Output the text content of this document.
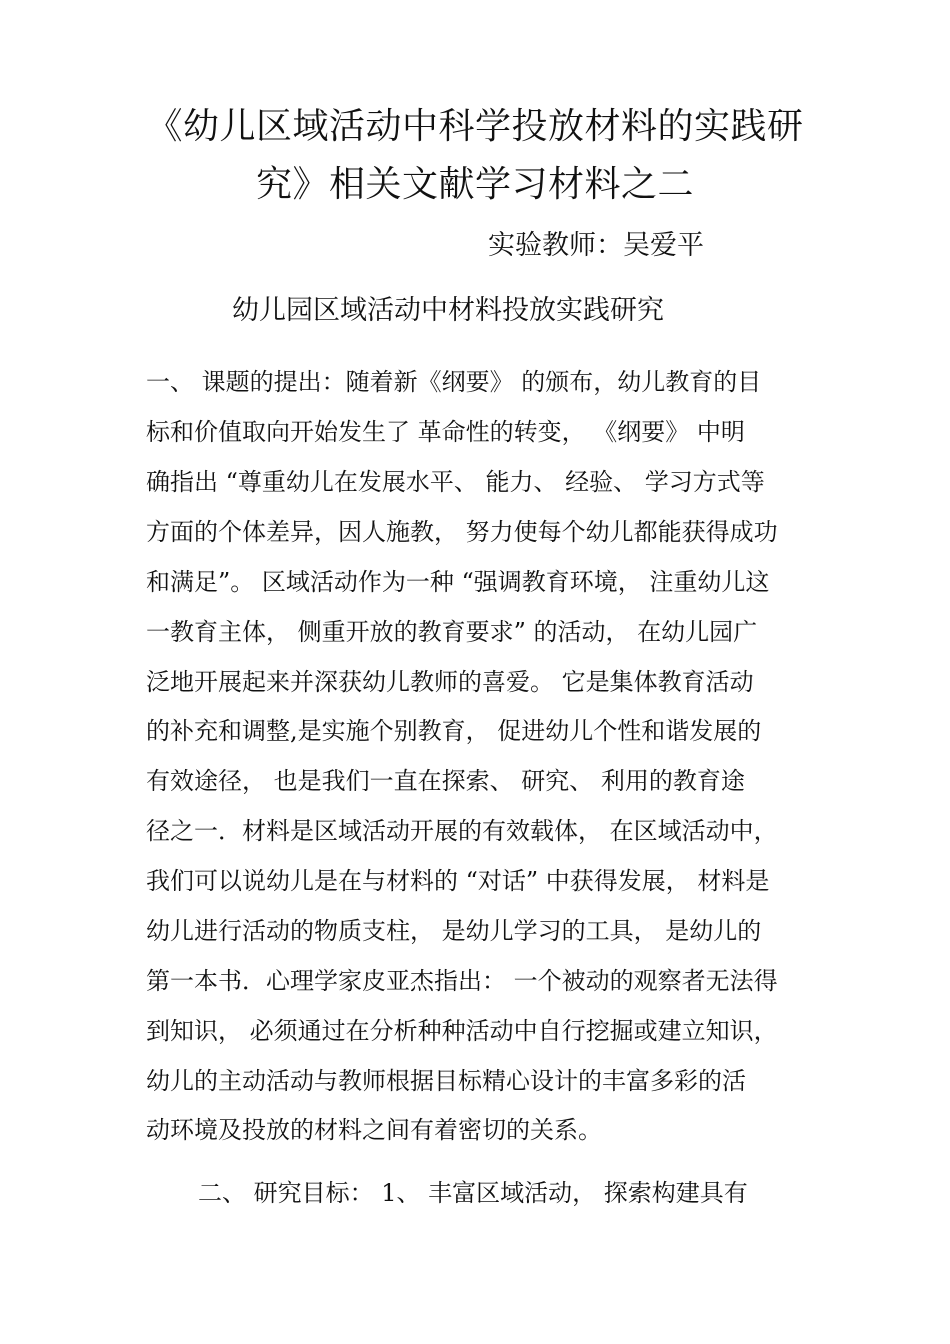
《幼儿区域活动中科学投放材料的实践研
究》相关文献学习材料之二
实验教师：吴爱平
幼儿园区域活动中材料投放实践研究
一、 课题的提出：随着新《纲要》 的颁布，幼儿教育的目
标和价值取向开始发生了 革命性的转变， 《纲要》 中明
确指出 “尊重幼儿在发展水平、 能力、 经验、 学习方式等
方面的个体差异，因人施教， 努力使每个幼儿都能获得成功
和满足”。 区域活动作为一种 “强调教育环境， 注重幼儿这
一教育主体， 侧重开放的教育要求” 的活动， 在幼儿园广
泛地开展起来并深获幼儿教师的喜爱。 它是集体教育活动
的补充和调整,是实施个别教育， 促进幼儿个性和谐发展的
有效途径， 也是我们一直在探索、 研究、 利用的教育途
径之一．材料是区域活动开展的有效载体， 在区域活动中，
我们可以说幼儿是在与材料的 “对话” 中获得发展， 材料是
幼儿进行活动的物质支柱， 是幼儿学习的工具， 是幼儿的
第一本书．心理学家皮亚杰指出： 一个被动的观察者无法得
到知识， 必须通过在分析种种活动中自行挖掘或建立知识，
幼儿的主动活动与教师根据目标精心设计的丰富多彩的活
动环境及投放的材料之间有着密切的关系。
二、 研究目标： 1、 丰富区域活动， 探索构建具有
